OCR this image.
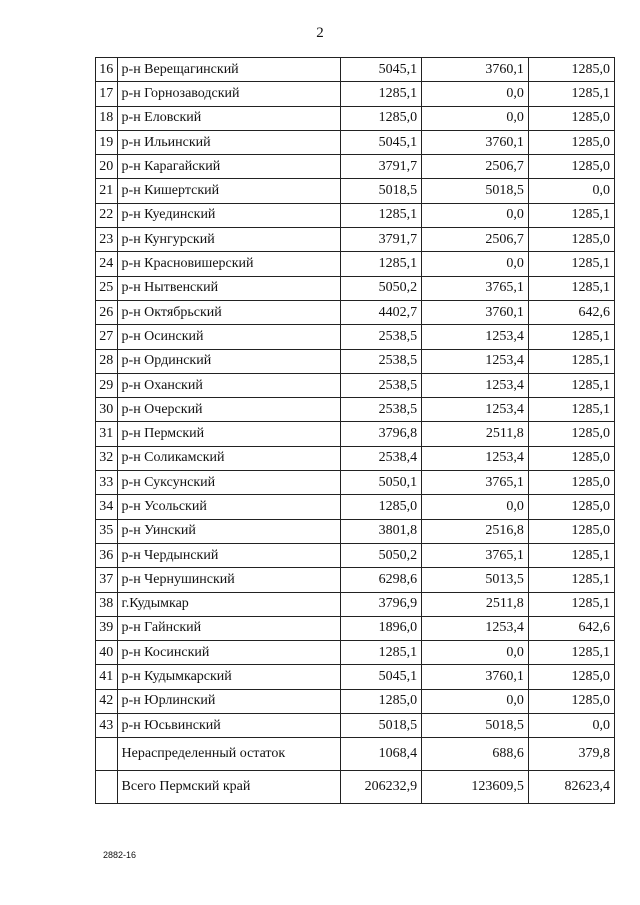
2
16	р-н Верещагинский	5045,1	3760,1	1285,0
17	р-н Горнозаводский	1285,1	0,0	1285,1
18	р-н Еловский	1285,0	0,0	1285,0
19	р-н Ильинский	5045,1	3760,1	1285,0
20	р-н Карагайский	3791,7	2506,7	1285,0
21	р-н Кишертский	5018,5	5018,5	0,0
22	р-н Куединский	1285,1	0,0	1285,1
23	р-н Кунгурский	3791,7	2506,7	1285,0
24	р-н Красновишерский	1285,1	0,0	1285,1
25	р-н Нытвенский	5050,2	3765,1	1285,1
26	р-н Октябрьский	4402,7	3760,1	642,6
27	р-н Осинский	2538,5	1253,4	1285,1
28	р-н Ординский	2538,5	1253,4	1285,1
29	р-н Оханский	2538,5	1253,4	1285,1
30	р-н Очерский	2538,5	1253,4	1285,1
31	р-н Пермский	3796,8	2511,8	1285,0
32	р-н Соликамский	2538,4	1253,4	1285,0
33	р-н Суксунский	5050,1	3765,1	1285,0
34	р-н Усольский	1285,0	0,0	1285,0
35	р-н Уинский	3801,8	2516,8	1285,0
36	р-н Чердынский	5050,2	3765,1	1285,1
37	р-н Чернушинский	6298,6	5013,5	1285,1
38	г.Кудымкар	3796,9	2511,8	1285,1
39	р-н Гайнский	1896,0	1253,4	642,6
40	р-н Косинский	1285,1	0,0	1285,1
41	р-н Кудымкарский	5045,1	3760,1	1285,0
42	р-н Юрлинский	1285,0	0,0	1285,0
43	р-н Юсьвинский	5018,5	5018,5	0,0
	Нераспределенный остаток	1068,4	688,6	379,8
	Всего Пермский край	206232,9	123609,5	82623,4
2882-16
